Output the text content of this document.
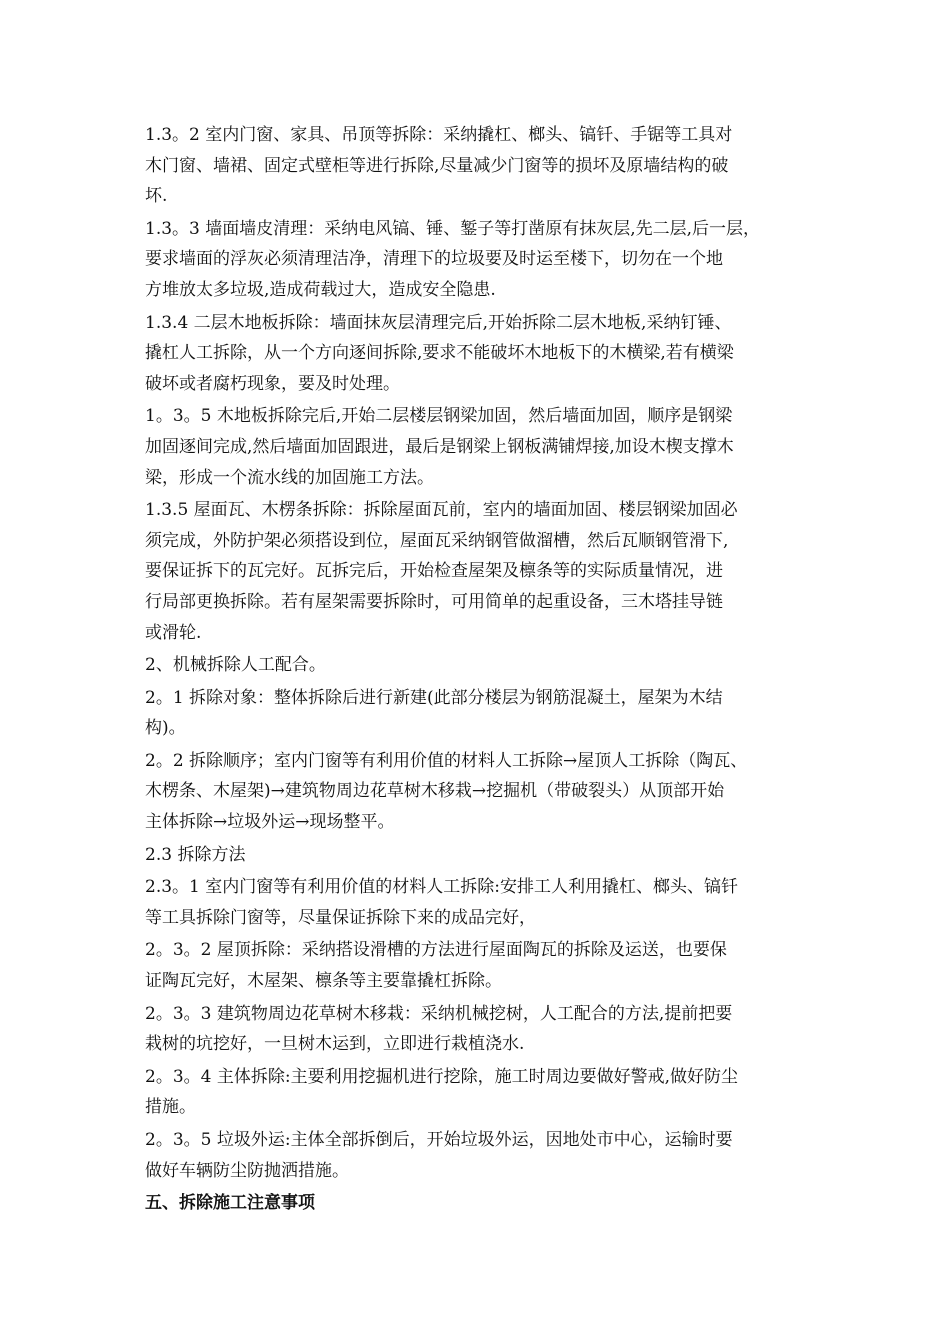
1.3。2 室内门窗、家具、吊顶等拆除：采纳撬杠、榔头、镐钎、手锯等工具对
木门窗、墙裙、固定式壁柜等进行拆除,尽量减少门窗等的损坏及原墙结构的破
坏.
1.3。3 墙面墙皮清理：采纳电风镐、锤、錾子等打凿原有抹灰层,先二层,后一层，
要求墙面的浮灰必须清理洁净，清理下的垃圾要及时运至楼下，切勿在一个地
方堆放太多垃圾,造成荷载过大，造成安全隐患.
1.3.4 二层木地板拆除：墙面抹灰层清理完后,开始拆除二层木地板,采纳钉锤、
撬杠人工拆除，从一个方向逐间拆除,要求不能破坏木地板下的木横梁,若有横梁
破坏或者腐朽现象，要及时处理。
1。3。5 木地板拆除完后,开始二层楼层钢梁加固，然后墙面加固，顺序是钢梁
加固逐间完成,然后墙面加固跟进，最后是钢梁上钢板满铺焊接,加设木楔支撑木
梁，形成一个流水线的加固施工方法。
1.3.5 屋面瓦、木楞条拆除：拆除屋面瓦前，室内的墙面加固、楼层钢梁加固必
须完成，外防护架必须搭设到位，屋面瓦采纳钢管做溜槽，然后瓦顺钢管滑下,
要保证拆下的瓦完好。瓦拆完后，开始检查屋架及檩条等的实际质量情况，进
行局部更换拆除。若有屋架需要拆除时，可用简单的起重设备，三木塔挂导链
或滑轮.
2、机械拆除人工配合。
2。1 拆除对象：整体拆除后进行新建(此部分楼层为钢筋混凝土，屋架为木结
构)。
2。2 拆除顺序；室内门窗等有利用价值的材料人工拆除→屋顶人工拆除（陶瓦、
木楞条、木屋架)→建筑物周边花草树木移栽→挖掘机（带破裂头）从顶部开始
主体拆除→垃圾外运→现场整平。
2.3 拆除方法
2.3。1 室内门窗等有利用价值的材料人工拆除:安排工人利用撬杠、榔头、镐钎
等工具拆除门窗等，尽量保证拆除下来的成品完好，
2。3。2 屋顶拆除：采纳搭设滑槽的方法进行屋面陶瓦的拆除及运送，也要保
证陶瓦完好，木屋架、檩条等主要靠撬杠拆除。
2。3。3 建筑物周边花草树木移栽：采纳机械挖树，人工配合的方法,提前把要
栽树的坑挖好，一旦树木运到，立即进行栽植浇水.
2。3。4 主体拆除:主要利用挖掘机进行挖除，施工时周边要做好警戒,做好防尘
措施。
2。3。5 垃圾外运:主体全部拆倒后，开始垃圾外运，因地处市中心，运输时要
做好车辆防尘防抛洒措施。
五、拆除施工注意事项
